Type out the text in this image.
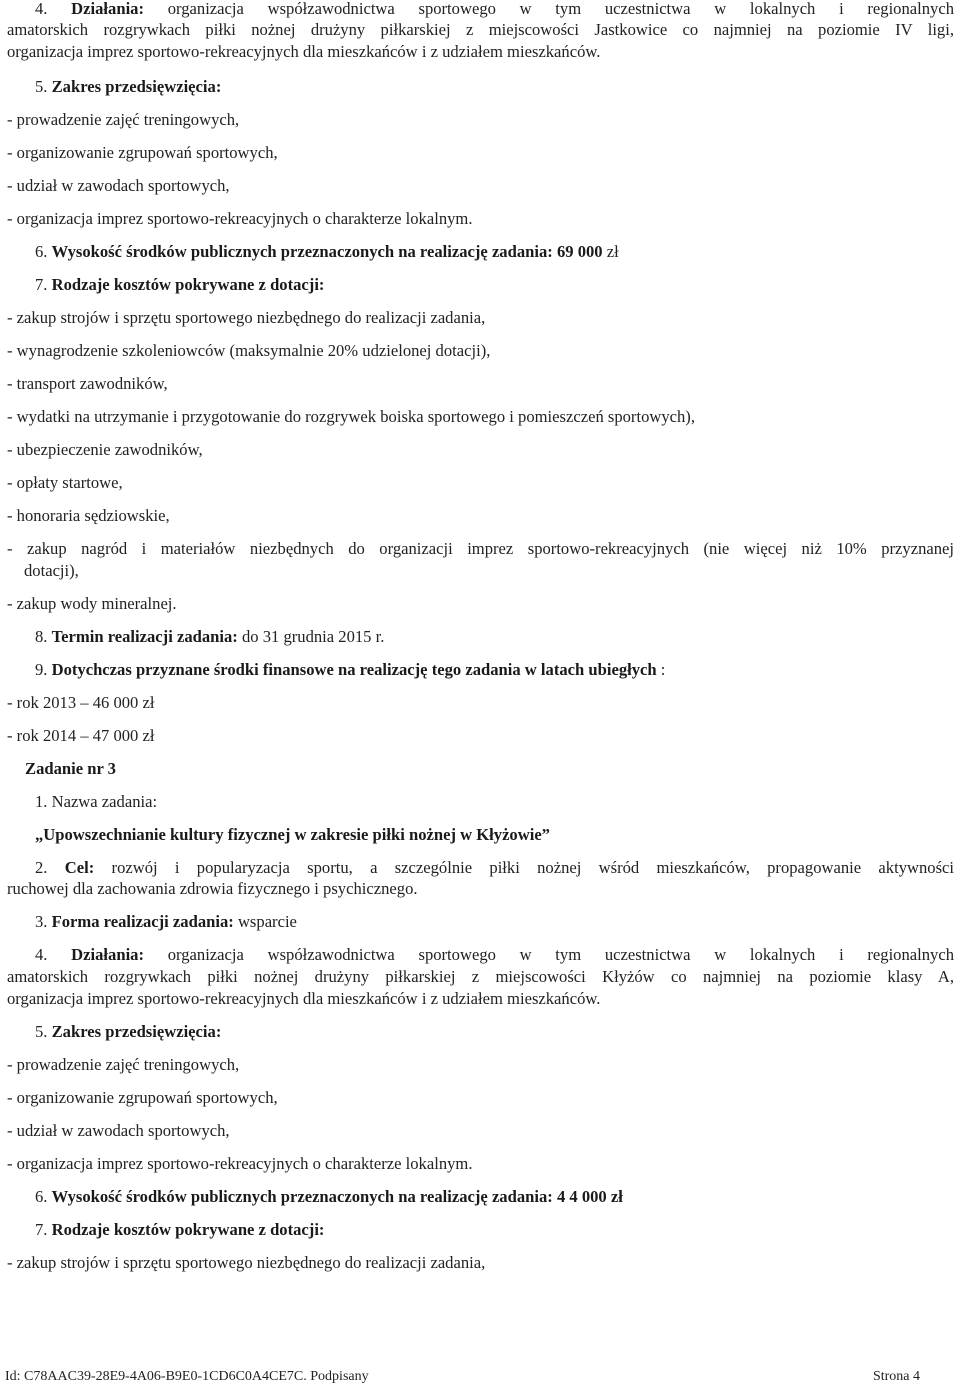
4. Działania: organizacja współzawodnictwa sportowego w tym uczestnictwa w lokalnych i regionalnych
amatorskich rozgrywkach piłki nożnej drużyny piłkarskiej z miejscowości Jastkowice co najmniej na poziomie IV ligi,
organizacja imprez sportowo-rekreacyjnych dla mieszkańców i z udziałem mieszkańców.
5. Zakres przedsięwzięcia:
- prowadzenie zajęć treningowych,
- organizowanie zgrupowań sportowych,
- udział w zawodach sportowych,
- organizacja imprez sportowo-rekreacyjnych o charakterze lokalnym.
6. Wysokość środków publicznych przeznaczonych na realizację zadania: 69 000 zł
7. Rodzaje kosztów pokrywane z dotacji:
- zakup strojów i sprzętu sportowego niezbędnego do realizacji zadania,
- wynagrodzenie szkoleniowców (maksymalnie 20% udzielonej dotacji),
- transport zawodników,
- wydatki na utrzymanie i przygotowanie do rozgrywek boiska sportowego i pomieszczeń sportowych),
- ubezpieczenie zawodników,
- opłaty startowe,
- honoraria sędziowskie,
- zakup nagród i materiałów niezbędnych do organizacji imprez sportowo-rekreacyjnych (nie więcej niż 10% przyznanej
dotacji),
- zakup wody mineralnej.
8. Termin realizacji zadania: do 31 grudnia 2015 r.
9. Dotychczas przyznane środki finansowe na realizację tego zadania w latach ubiegłych :
- rok 2013 – 46 000 zł
- rok 2014 – 47 000 zł
Zadanie nr 3
1. Nazwa zadania:
„Upowszechnianie kultury fizycznej w zakresie piłki nożnej w Kłyżowie”
2. Cel: rozwój i popularyzacja sportu, a szczególnie piłki nożnej wśród mieszkańców, propagowanie aktywności
ruchowej dla zachowania zdrowia fizycznego i psychicznego.
3. Forma realizacji zadania: wsparcie
4. Działania: organizacja współzawodnictwa sportowego w tym uczestnictwa w lokalnych i regionalnych
amatorskich rozgrywkach piłki nożnej drużyny piłkarskiej z miejscowości Kłyżów co najmniej na poziomie klasy A,
organizacja imprez sportowo-rekreacyjnych dla mieszkańców i z udziałem mieszkańców.
5. Zakres przedsięwzięcia:
- prowadzenie zajęć treningowych,
- organizowanie zgrupowań sportowych,
- udział w zawodach sportowych,
- organizacja imprez sportowo-rekreacyjnych o charakterze lokalnym.
6. Wysokość środków publicznych przeznaczonych na realizację zadania: 4 4 000 zł
7. Rodzaje kosztów pokrywane z dotacji:
- zakup strojów i sprzętu sportowego niezbędnego do realizacji zadania,
Id: C78AAC39-28E9-4A06-B9E0-1CD6C0A4CE7C. Podpisany	Strona 4
